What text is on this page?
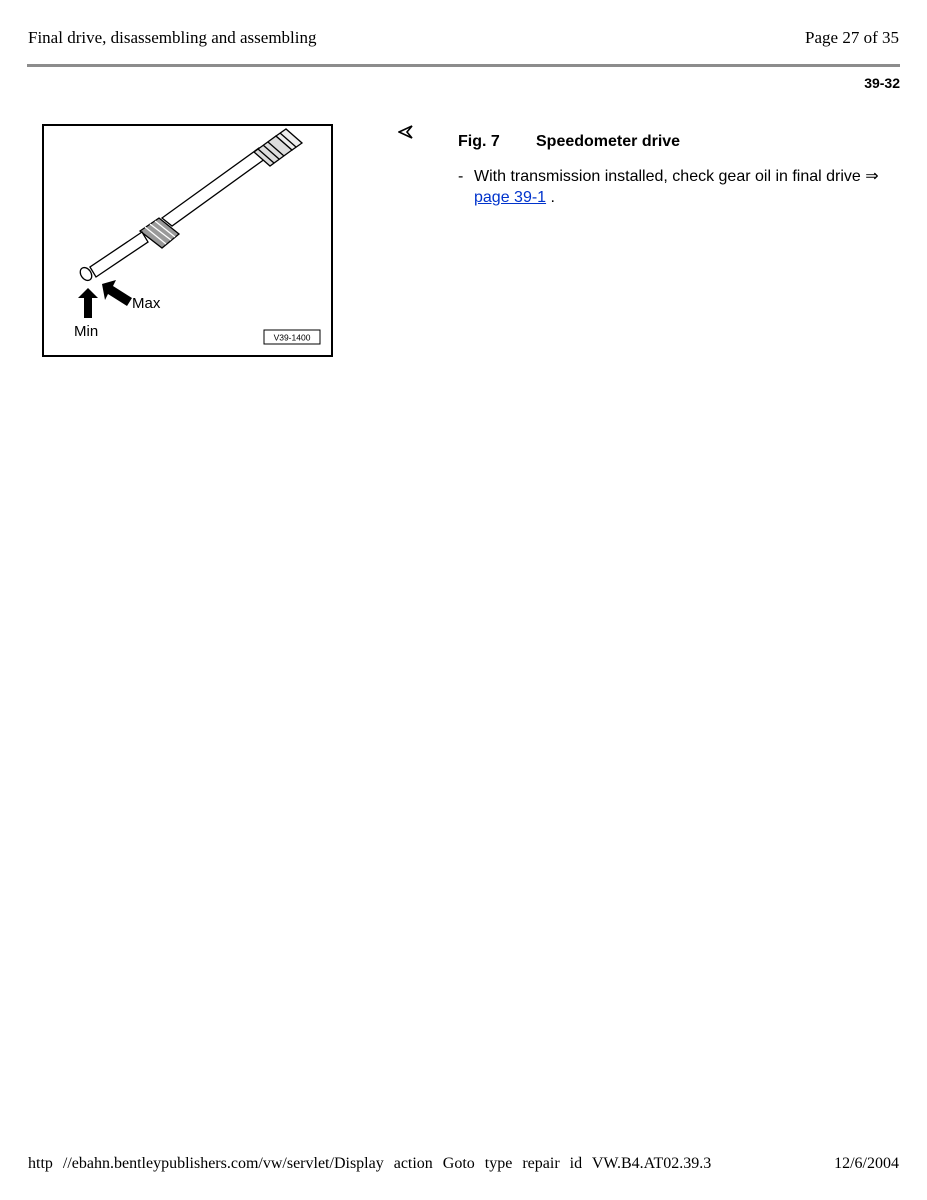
Final drive, disassembling and assembling	Page 27 of 35
39-32
Max
Min	V39-1400
Fig. 7 Speedometer drive
- With transmission installed, check gear oil in final drive ⇒ page 39-1 .
http //ebahn.bentleypublishers.com/vw/servlet/Display action Goto type repair id VW.B4.AT02.39.3	12/6/2004
